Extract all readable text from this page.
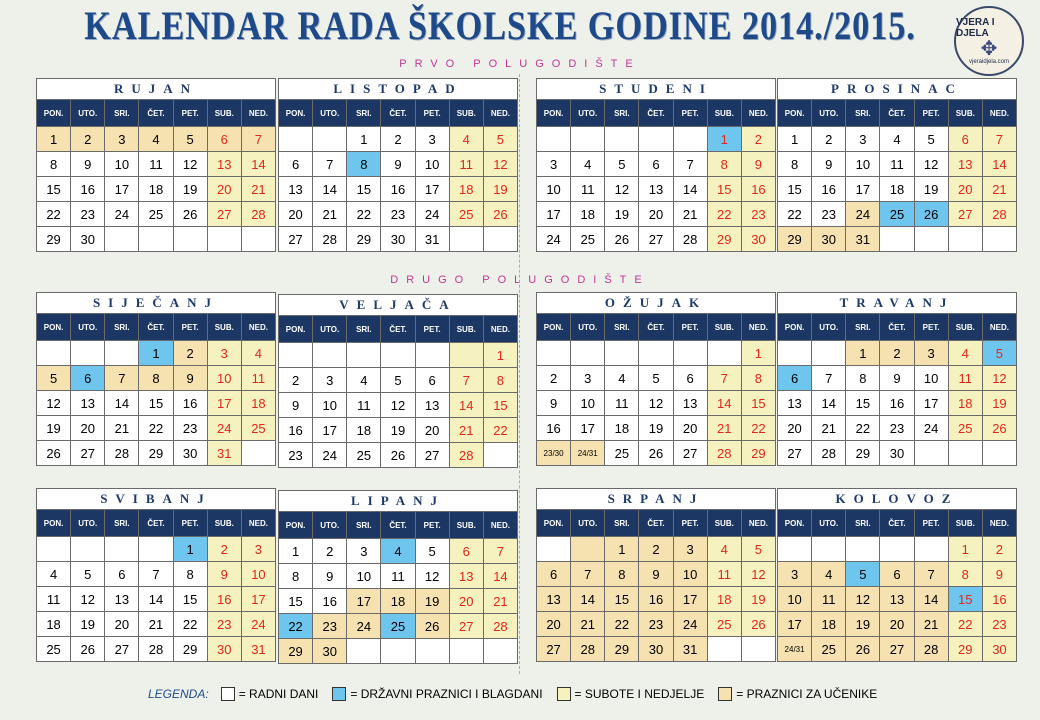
KALENDAR RADA ŠKOLSKE GODINE 2014./2015.	VJERA I DJELA
✥
vjeraidjela.com
PRVO POLUGODIŠTE
DRUGO POLUGODIŠTE
RUJAN						
PON.	UTO.	SRI.	ČET.	PET.	SUB.	NED.
1	2	3	4	5	6	7
8	9	10	11	12	13	14
15	16	17	18	19	20	21
22	23	24	25	26	27	28
29	30					
LISTOPAD						
PON.	UTO.	SRI.	ČET.	PET.	SUB.	NED.
		1	2	3	4	5
6	7	8	9	10	11	12
13	14	15	16	17	18	19
20	21	22	23	24	25	26
27	28	29	30	31		
STUDENI						
PON.	UTO.	SRI.	ČET.	PET.	SUB.	NED.
					1	2
3	4	5	6	7	8	9
10	11	12	13	14	15	16
17	18	19	20	21	22	23
24	25	26	27	28	29	30
PROSINAC						
PON.	UTO.	SRI.	ČET.	PET.	SUB.	NED.
1	2	3	4	5	6	7
8	9	10	11	12	13	14
15	16	17	18	19	20	21
22	23	24	25	26	27	28
29	30	31				
SIJEČANJ						
PON.	UTO.	SRI.	ČET.	PET.	SUB.	NED.
			1	2	3	4
5	6	7	8	9	10	11
12	13	14	15	16	17	18
19	20	21	22	23	24	25
26	27	28	29	30	31	
VELJAČA						
PON.	UTO.	SRI.	ČET.	PET.	SUB.	NED.
						1
2	3	4	5	6	7	8
9	10	11	12	13	14	15
16	17	18	19	20	21	22
23	24	25	26	27	28	
OŽUJAK						
PON.	UTO.	SRI.	ČET.	PET.	SUB.	NED.
						1
2	3	4	5	6	7	8
9	10	11	12	13	14	15
16	17	18	19	20	21	22
23/30	24/31	25	26	27	28	29
TRAVANJ						
PON.	UTO.	SRI.	ČET.	PET.	SUB.	NED.
		1	2	3	4	5
6	7	8	9	10	11	12
13	14	15	16	17	18	19
20	21	22	23	24	25	26
27	28	29	30			
SVIBANJ						
PON.	UTO.	SRI.	ČET.	PET.	SUB.	NED.
				1	2	3
4	5	6	7	8	9	10
11	12	13	14	15	16	17
18	19	20	21	22	23	24
25	26	27	28	29	30	31
LIPANJ						
PON.	UTO.	SRI.	ČET.	PET.	SUB.	NED.
1	2	3	4	5	6	7
8	9	10	11	12	13	14
15	16	17	18	19	20	21
22	23	24	25	26	27	28
29	30					
SRPANJ						
PON.	UTO.	SRI.	ČET.	PET.	SUB.	NED.
		1	2	3	4	5
6	7	8	9	10	11	12
13	14	15	16	17	18	19
20	21	22	23	24	25	26
27	28	29	30	31		
KOLOVOZ						
PON.	UTO.	SRI.	ČET.	PET.	SUB.	NED.
					1	2
3	4	5	6	7	8	9
10	11	12	13	14	15	16
17	18	19	20	21	22	23
24/31	25	26	27	28	29	30
LEGENDA:	= RADNI DANI	= DRŽAVNI PRAZNICI I BLAGDANI	= SUBOTE I NEDJELJE	= PRAZNICI ZA UČENIKE
